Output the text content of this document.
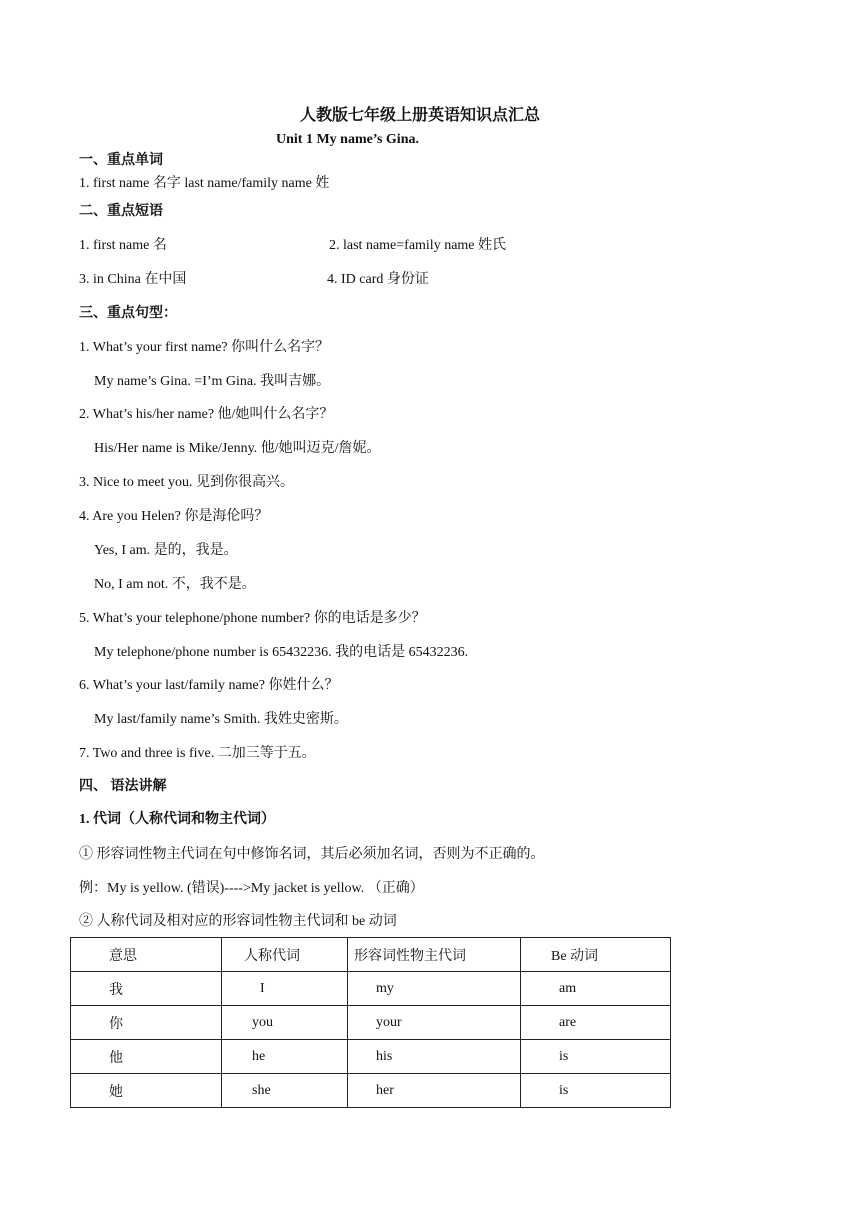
人教版七年级上册英语知识点汇总
Unit 1 My name’s Gina.
一、重点单词
1. first name 名字 last name/family name 姓
二、重点短语
1. first name 名	2. last name=family name 姓氏
3. in China 在中国	4. ID card 身份证
三、重点句型：
1. What’s your first name? 你叫什么名字？
My name’s Gina. =I’m Gina. 我叫吉娜。
2. What’s his/her name? 他/她叫什么名字？
His/Her name is Mike/Jenny. 他/她叫迈克/詹妮。
3. Nice to meet you. 见到你很高兴。
4. Are you Helen? 你是海伦吗？
Yes, I am. 是的，我是。
No, I am not. 不，我不是。
5. What’s your telephone/phone number? 你的电话是多少？
My telephone/phone number is 65432236. 我的电话是 65432236.
6. What’s your last/family name? 你姓什么？
My last/family name’s Smith. 我姓史密斯。
7. Two and three is five. 二加三等于五。
四、 语法讲解
1. 代词（人称代词和物主代词）
① 形容词性物主代词在句中修饰名词，其后必须加名词，否则为不正确的。
例：My is yellow. (错误)---->My jacket is yellow. （正确）
② 人称代词及相对应的形容词性物主代词和 be 动词
意思	人称代词	形容词性物主代词	Be 动词
我	I	my	am
你	you	your	are
他	he	his	is
她	she	her	is
